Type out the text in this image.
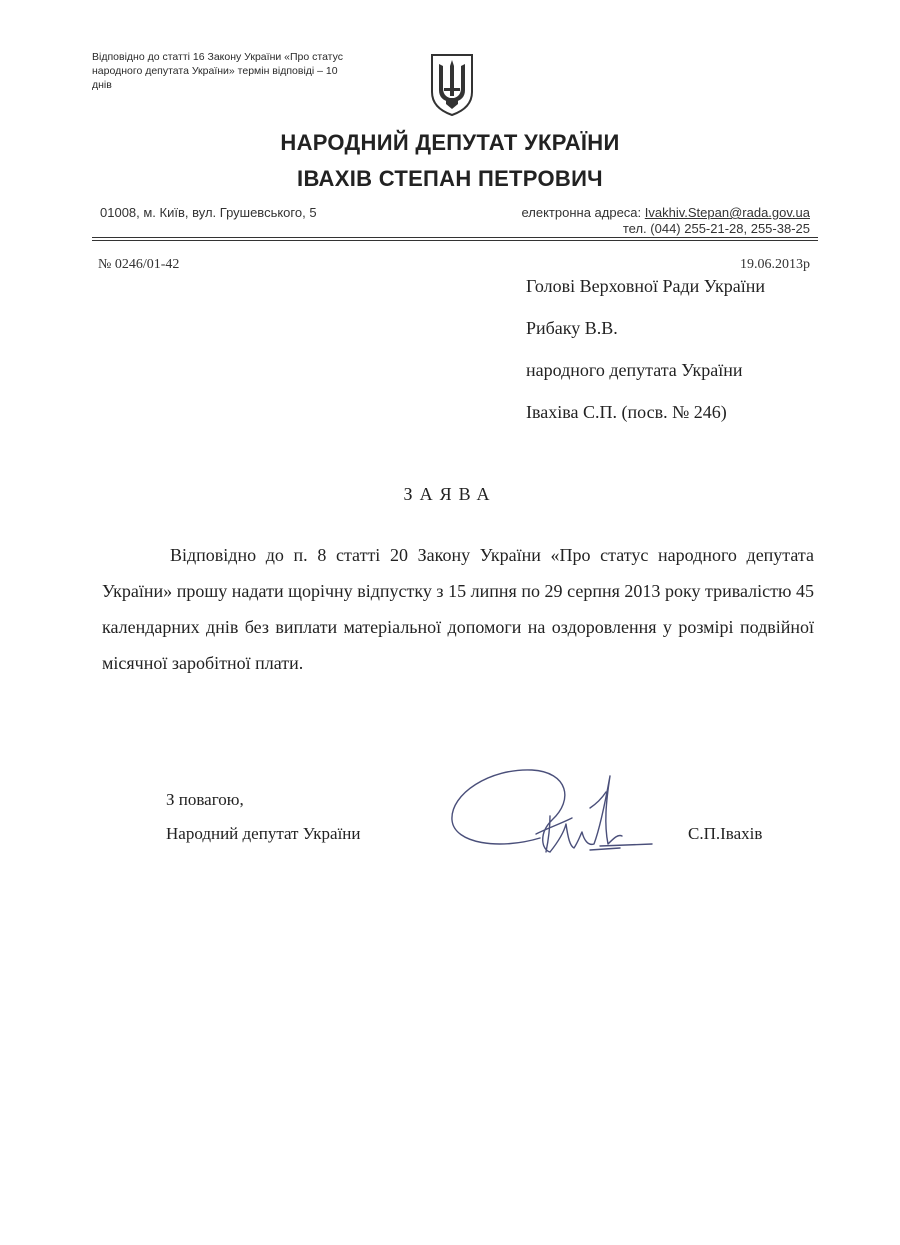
Відповідно до статті 16 Закону України «Про статус народного депутата України» термін відповіді – 10 днів
НАРОДНИЙ ДЕПУТАТ УКРАЇНИ
ІВАХІВ СТЕПАН ПЕТРОВИЧ
01008, м. Київ, вул. Грушевського, 5	електронна адреса: Ivakhiv.Stepan@rada.gov.ua
тел. (044) 255-21-28, 255-38-25
№ 0246/01-42	19.06.2013р
Голові Верховної Ради України
Рибаку В.В.
народного депутата України
Івахіва С.П. (посв. № 246)
ЗАЯВА
Відповідно до п. 8 статті 20 Закону України «Про статус народного депутата України» прошу надати щорічну відпустку з 15 липня по 29 серпня 2013 року тривалістю 45 календарних днів без виплати матеріальної допомоги на оздоровлення у розмірі подвійної місячної заробітної плати.
З повагою,
Народний депутат України	С.П.Івахів
